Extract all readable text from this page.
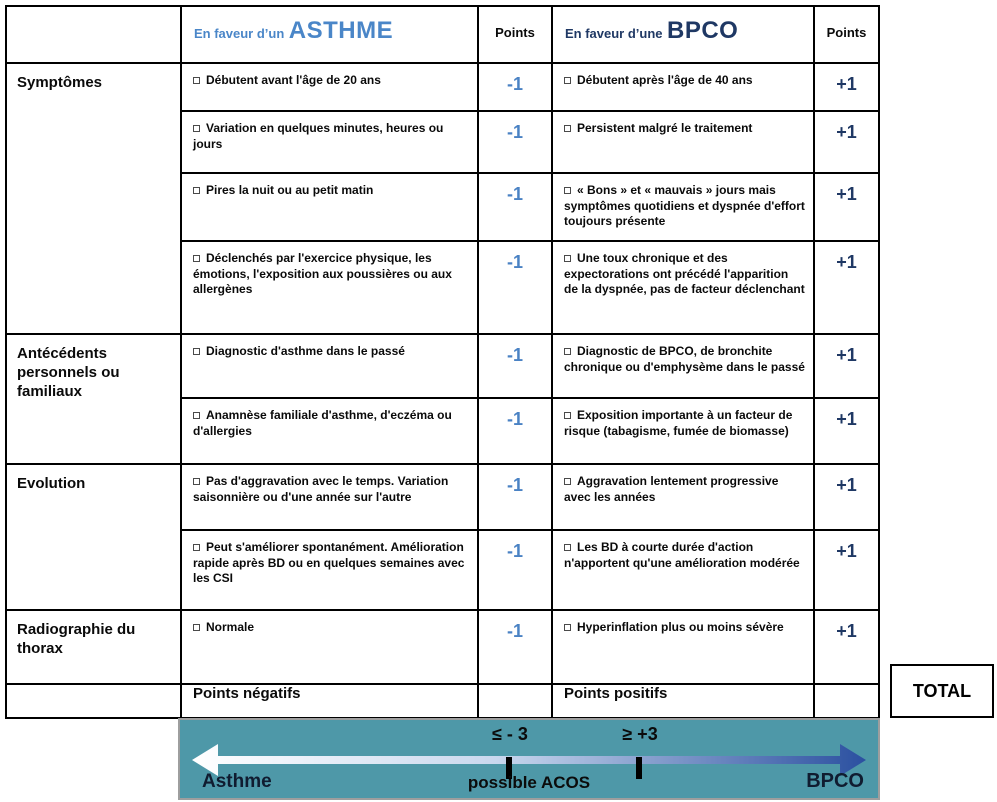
	En faveur d’un ASTHME	Points	En faveur d’une BPCO	Points
Symptômes	Débutent avant l'âge de 20 ans	-1	Débutent après l'âge de 40 ans	+1
	Variation en quelques minutes, heures ou jours	-1	Persistent malgré le traitement	+1
	Pires la nuit ou au petit matin	-1	« Bons » et « mauvais » jours mais symptômes quotidiens et dyspnée d'effort toujours présente	+1
	Déclenchés par l'exercice physique, les émotions, l'exposition aux poussières ou aux allergènes	-1	Une toux chronique et des expectorations ont précédé l'apparition de la dyspnée, pas de facteur déclenchant	+1
Antécédents personnels ou familiaux	Diagnostic d'asthme dans le passé	-1	Diagnostic de BPCO, de bronchite chronique ou d'emphysème dans le passé	+1
	Anamnèse familiale d'asthme, d'eczéma ou d'allergies	-1	Exposition importante à un facteur de risque (tabagisme, fumée de biomasse)	+1
Evolution	Pas d'aggravation avec le temps. Variation saisonnière ou d'une année sur l'autre	-1	Aggravation lentement progressive avec les années	+1
	Peut s'améliorer spontanément. Amélioration rapide après BD ou en quelques semaines avec les CSI	-1	Les BD à courte durée d'action n'apportent qu'une amélioration modérée	+1
Radiographie du thorax	Normale	-1	Hyperinflation plus ou moins sévère	+1
	Points négatifs		Points positifs		TOTAL
≤ - 3	≥ +3
Asthme	possible ACOS	BPCO
